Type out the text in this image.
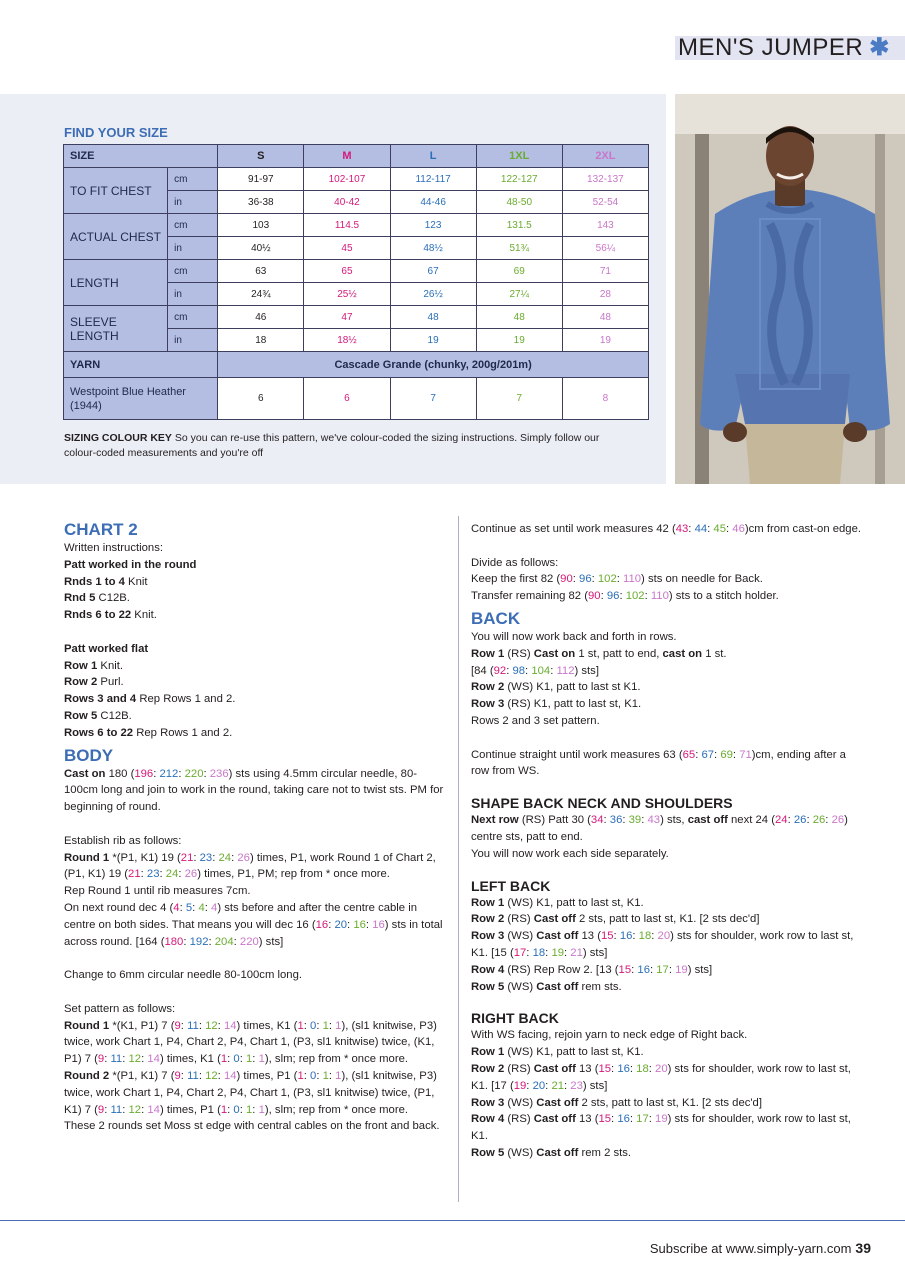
MEN'S JUMPER ✱
FIND YOUR SIZE
SIZE		S	M	L	1XL	2XL
TO FIT CHEST	cm	91-97	102-107	112-117	122-127	132-137
	in	36-38	40-42	44-46	48-50	52-54
ACTUAL CHEST	cm	103	114.5	123	131.5	143
	in	40½	45	48½	51¾	56¼
LENGTH	cm	63	65	67	69	71
	in	24¾	25½	26½	27¼	28
SLEEVE LENGTH	cm	46	47	48	48	48
	in	18	18½	19	19	19
YARN		Cascade Grande (chunky, 200g/201m)				
Westpoint Blue Heather (1944)		6	6	7	7	8
SIZING COLOUR KEY So you can re-use this pattern, we've colour-coded the sizing instructions. Simply follow our colour-coded measurements and you're off
CHART 2
Written instructions:
Patt worked in the round
Rnds 1 to 4 Knit
Rnd 5 C12B.
Rnds 6 to 22 Knit.
Patt worked flat
Row 1 Knit.
Row 2 Purl.
Rows 3 and 4 Rep Rows 1 and 2.
Row 5 C12B.
Rows 6 to 22 Rep Rows 1 and 2.
BODY
Cast on 180 (196: 212: 220: 236) sts using 4.5mm circular needle, 80-100cm long and join to work in the round, taking care not to twist sts. PM for beginning of round.
Establish rib as follows:
Round 1 *(P1, K1) 19 (21: 23: 24: 26) times, P1, work Round 1 of Chart 2, (P1, K1) 19 (21: 23: 24: 26) times, P1, PM; rep from * once more.
Rep Round 1 until rib measures 7cm.
On next round dec 4 (4: 5: 4: 4) sts before and after the centre cable in centre on both sides. That means you will dec 16 (16: 20: 16: 16) sts in total across round. [164 (180: 192: 204: 220) sts]
Change to 6mm circular needle 80-100cm long.
Set pattern as follows:
Round 1 *(K1, P1) 7 (9: 11: 12: 14) times, K1 (1: 0: 1: 1), (sl1 knitwise, P3) twice, work Chart 1, P4, Chart 2, P4, Chart 1, (P3, sl1 knitwise) twice, (K1, P1) 7 (9: 11: 12: 14) times, K1 (1: 0: 1: 1), slm; rep from * once more.
Round 2 *(P1, K1) 7 (9: 11: 12: 14) times, P1 (1: 0: 1: 1), (sl1 knitwise, P3) twice, work Chart 1, P4, Chart 2, P4, Chart 1, (P3, sl1 knitwise) twice, (P1, K1) 7 (9: 11: 12: 14) times, P1 (1: 0: 1: 1), slm; rep from * once more.
These 2 rounds set Moss st edge with central cables on the front and back.
Continue as set until work measures 42 (43: 44: 45: 46)cm from cast-on edge.
Divide as follows:
Keep the first 82 (90: 96: 102: 110) sts on needle for Back.
Transfer remaining 82 (90: 96: 102: 110) sts to a stitch holder.
BACK
You will now work back and forth in rows.
Row 1 (RS) Cast on 1 st, patt to end, cast on 1 st.
[84 (92: 98: 104: 112) sts]
Row 2 (WS) K1, patt to last st K1.
Row 3 (RS) K1, patt to last st, K1.
Rows 2 and 3 set pattern.
Continue straight until work measures 63 (65: 67: 69: 71)cm, ending after a row from WS.
SHAPE BACK NECK AND SHOULDERS
Next row (RS) Patt 30 (34: 36: 39: 43) sts, cast off next 24 (24: 26: 26: 26) centre sts, patt to end.
You will now work each side separately.
LEFT BACK
Row 1 (WS) K1, patt to last st, K1.
Row 2 (RS) Cast off 2 sts, patt to last st, K1. [2 sts dec'd]
Row 3 (WS) Cast off 13 (15: 16: 18: 20) sts for shoulder, work row to last st, K1. [15 (17: 18: 19: 21) sts]
Row 4 (RS) Rep Row 2. [13 (15: 16: 17: 19) sts]
Row 5 (WS) Cast off rem sts.
RIGHT BACK
With WS facing, rejoin yarn to neck edge of Right back.
Row 1 (WS) K1, patt to last st, K1.
Row 2 (RS) Cast off 13 (15: 16: 18: 20) sts for shoulder, work row to last st, K1. [17 (19: 20: 21: 23) sts]
Row 3 (WS) Cast off 2 sts, patt to last st, K1. [2 sts dec'd]
Row 4 (RS) Cast off 13 (15: 16: 17: 19) sts for shoulder, work row to last st, K1.
Row 5 (WS) Cast off rem 2 sts.
Subscribe at www.simply-yarn.com 39
